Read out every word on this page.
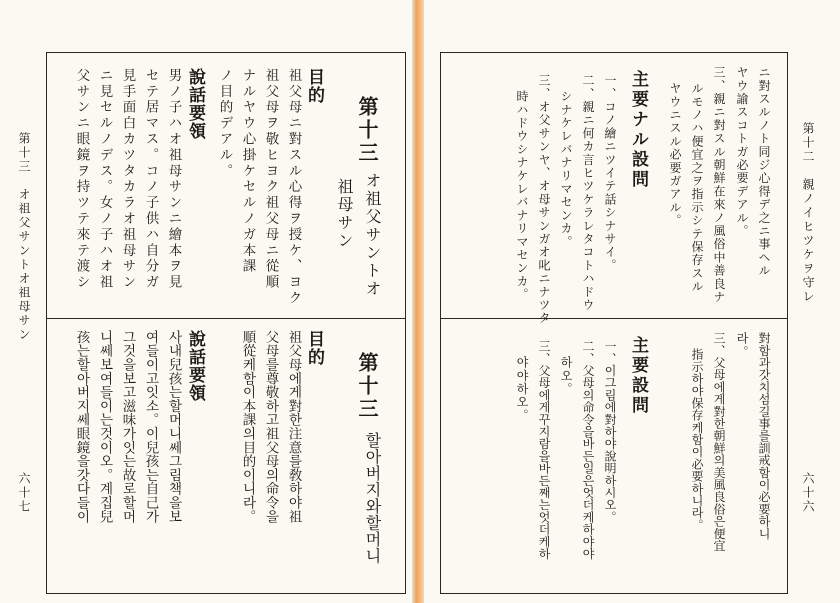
第十三　オ祖父サントオ祖母サン
六十七
第十三
オ祖父サントオ
祖母サン
目的
祖父母ニ對スル心得ヲ授ケ、ヨク
祖父母ヲ敬ヒヨク祖父母ニ從順
ナルヤウ心掛ケセルノガ本課
ノ目的デアル。
說話要領
男ノ子ハオ祖母サンニ繪本ヲ見
セテ居マス。コノ子供ハ自分ガ
見手面白カツタカラオ祖母サン
ニ見セルノデス。女ノ子ハオ祖
父サンニ眼鏡ヲ持ツテ來テ渡シ
第十三
할아버지와할머니
目的
祖父母에게對한注意를敎하야祖
父母를尊敬하고祖父母의命令을
順從케함이本課의目的이니라。
說話要領
사내兒孩는할머니쎄그림책을보
여들이고잇소。이兒孩는自己가
그것을보고滋味가잇는故로할머
니쎄보여들이는것이오。계집兒
孩는할아버지쎄眼鏡을갓다들이
第十二　親ノイヒツケヲ守レ
六十六
ニ對スルノト同ジ心得デ之ニ事ヘル
ヤウ諭スコトガ必要デアル。
三、親ニ對スル朝鮮在來ノ風俗中善良ナ
ルモノハ便宜之ヲ指示シテ保存スル
ヤウニスル必要ガアル。
主要ナル設問
一、コノ繪ニツイテ話シナサイ。
二、親ニ何カ言ヒツケラレタコトハドウ
シナケレバナリマセンカ。
三、オ父サンヤ、オ母サンガオ叱ニナツタ
時ハドウシナケレバナリマセンカ。
對함과갓치섬길事를訓戒함이必要하니
라。
三、父母에게對한朝鮮의美風良俗은便宜
指示하야保存케함이必要하니라。
主要設問
一、이그림에對하야說明하시오。
二、父母의命令을바든일은엇더케하야야
하오。
三、父母에게꾸지람을바든째는엇더케하
야야하오。
